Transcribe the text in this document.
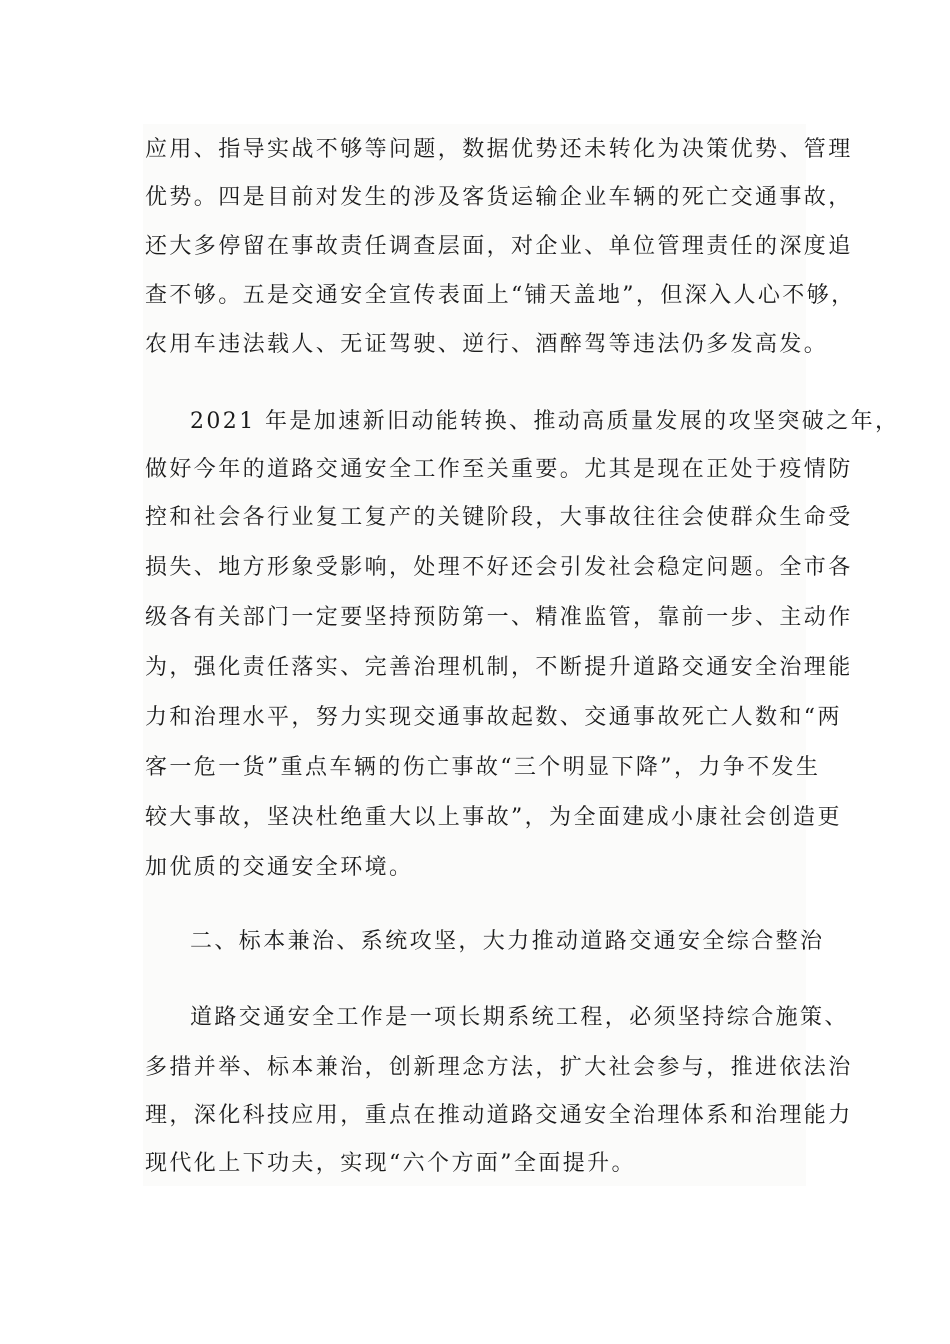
应用、指导实战不够等问题，数据优势还未转化为决策优势、管理
优势。四是目前对发生的涉及客货运输企业车辆的死亡交通事故，
还大多停留在事故责任调查层面，对企业、单位管理责任的深度追
查不够。五是交通安全宣传表面上“铺天盖地”，但深入人心不够，
农用车违法载人、无证驾驶、逆行、酒醉驾等违法仍多发高发。
2021 年是加速新旧动能转换、推动高质量发展的攻坚突破之年，
做好今年的道路交通安全工作至关重要。尤其是现在正处于疫情防
控和社会各行业复工复产的关键阶段，大事故往往会使群众生命受
损失、地方形象受影响，处理不好还会引发社会稳定问题。全市各
级各有关部门一定要坚持预防第一、精准监管，靠前一步、主动作
为，强化责任落实、完善治理机制，不断提升道路交通安全治理能
力和治理水平，努力实现交通事故起数、交通事故死亡人数和“两
客一危一货”重点车辆的伤亡事故“三个明显下降”，力争不发生
较大事故，坚决杜绝重大以上事故”，为全面建成小康社会创造更
加优质的交通安全环境。
二、标本兼治、系统攻坚，大力推动道路交通安全综合整治
道路交通安全工作是一项长期系统工程，必须坚持综合施策、
多措并举、标本兼治，创新理念方法，扩大社会参与，推进依法治
理，深化科技应用，重点在推动道路交通安全治理体系和治理能力
现代化上下功夫，实现“六个方面”全面提升。
